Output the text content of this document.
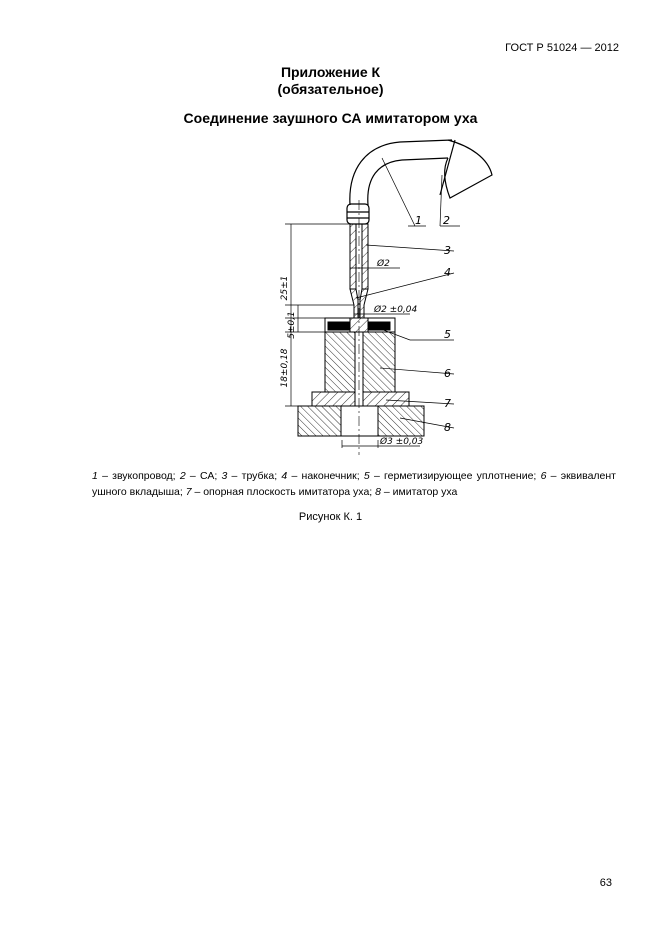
ГОСТ Р 51024 — 2012
Приложение К
(обязательное)
Соединение заушного СА имитатором уха
25±1
5±0,1
18±0,18
Ø2
Ø2 ±0,04
Ø3 ±0,03
1 2
3
4
5
6
7
8
1 – звукопровод; 2 – СА; 3 – трубка; 4 – наконечник; 5 – герметизирующее уплотнение; 6 – эквивалент ушного вкладыша; 7 – опорная плоскость имитатора уха; 8 – имитатор уха
Рисунок К. 1
63
